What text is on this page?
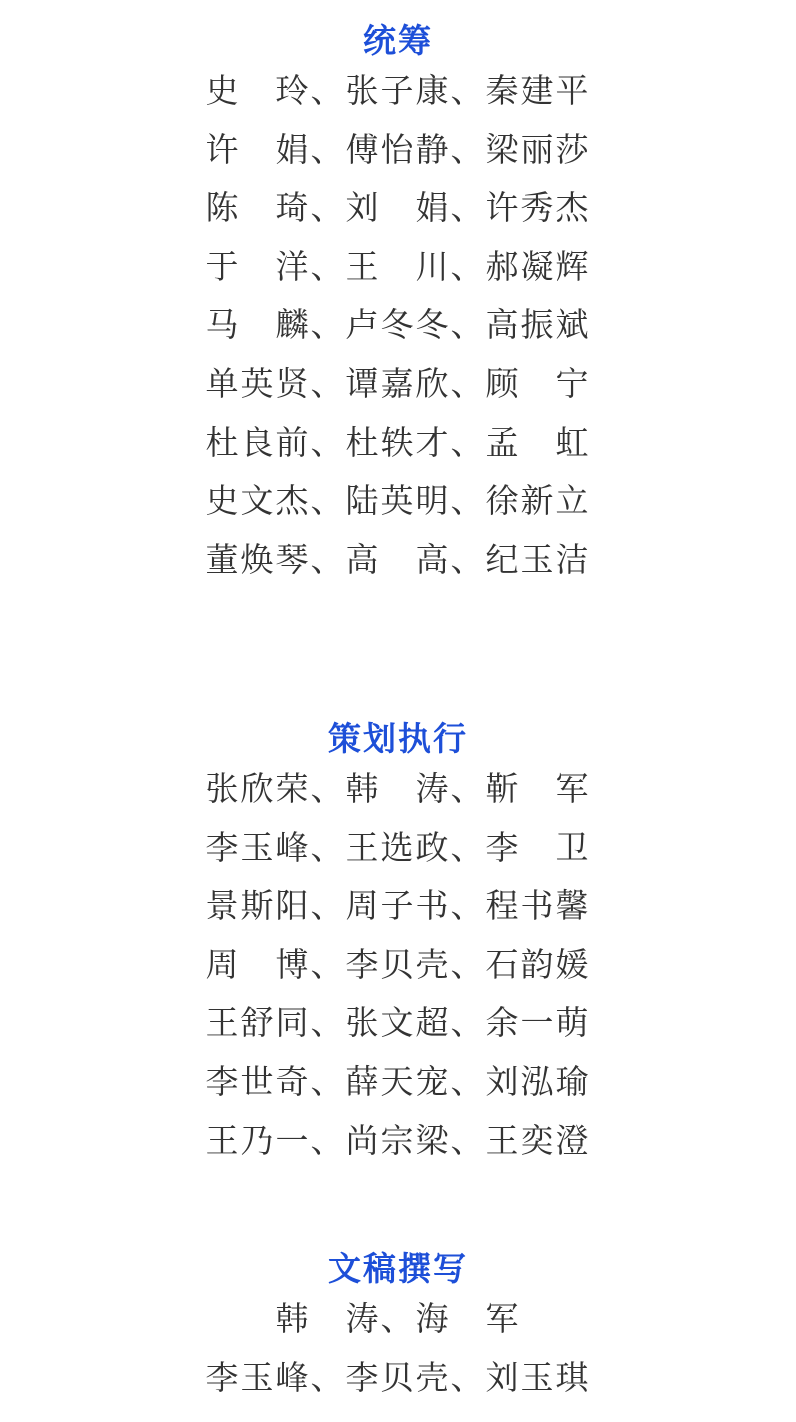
统筹
史　玲、张子康、秦建平
许　娟、傅怡静、梁丽莎
陈　琦、刘　娟、许秀杰
于　洋、王　川、郝凝辉
马　麟、卢冬冬、高振斌
单英贤、谭嘉欣、顾　宁
杜良前、杜轶才、孟　虹
史文杰、陆英明、徐新立
董焕琴、高　高、纪玉洁
策划执行
张欣荣、韩　涛、靳　军
李玉峰、王选政、李　卫
景斯阳、周子书、程书馨
周　博、李贝壳、石韵媛
王舒同、张文超、余一萌
李世奇、薛天宠、刘泓瑜
王乃一、尚宗梁、王奕澄
文稿撰写
韩　涛、海　军
李玉峰、李贝壳、刘玉琪
